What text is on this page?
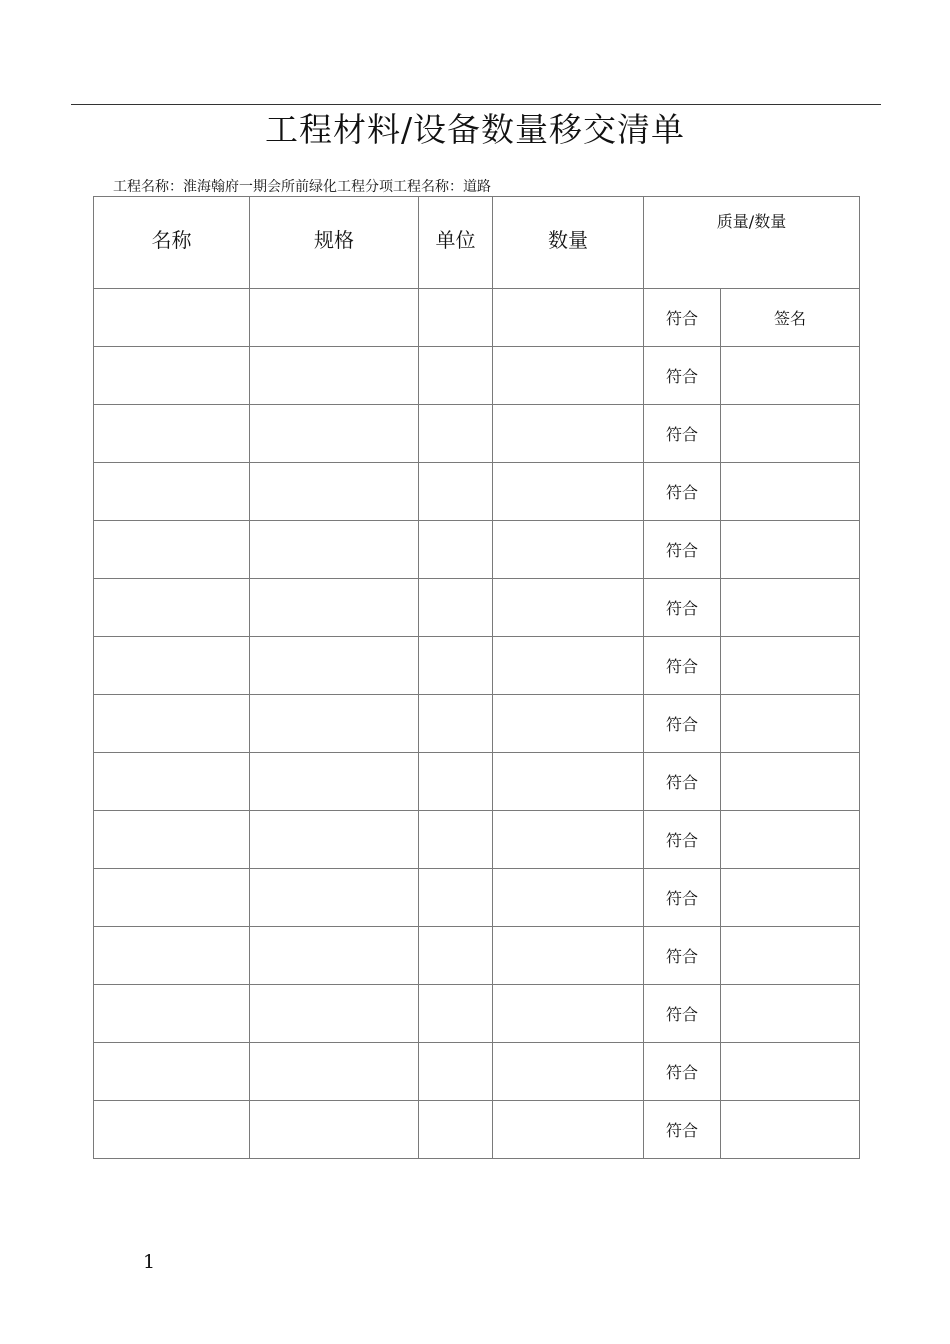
工程材料/设备数量移交清单
工程名称：淮海翰府一期会所前绿化工程分项工程名称：道路
名称	规格	单位	数量	质量/数量	

				符合	签名
				符合	
				符合	
				符合	
				符合	
				符合	
				符合	
				符合	
				符合	
				符合	
				符合	
				符合	
				符合	
				符合	
				符合	
1
